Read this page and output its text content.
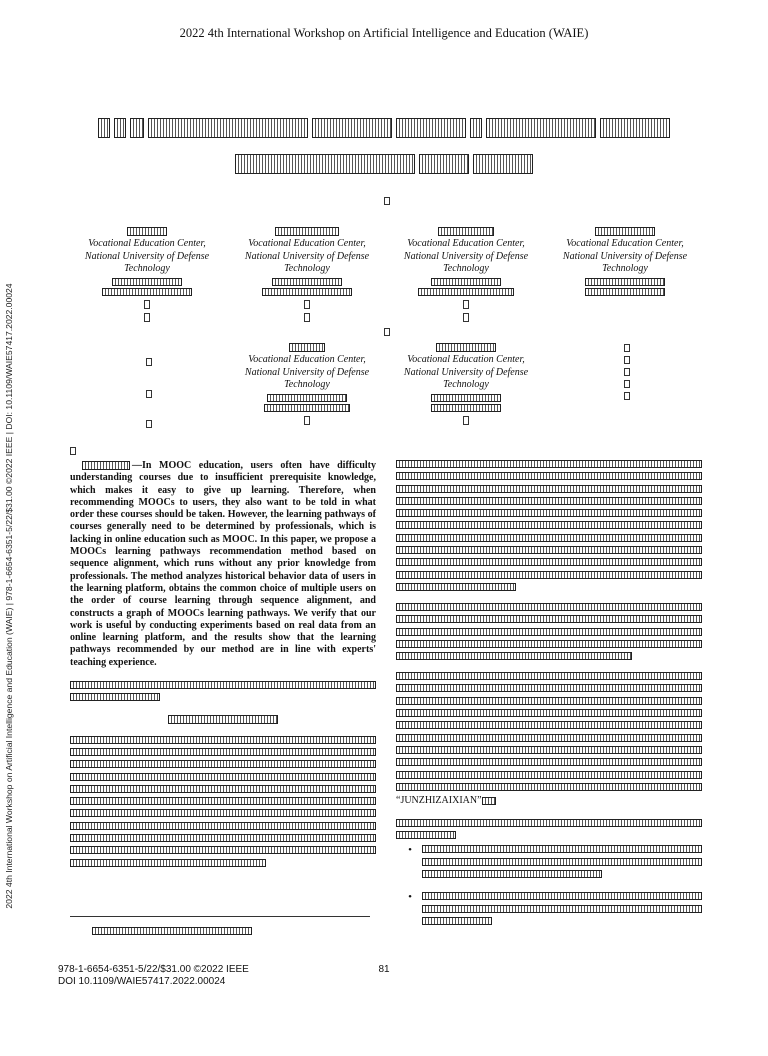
2022 4th International Workshop on Artificial Intelligence and Education (WAIE)
2022 4th International Workshop on Artificial Intelligence and Education (WAIE) | 978-1-6654-6351-5/22/$31.00 ©2022 IEEE | DOI: 10.1109/WAIE57417.2022.00024
Vocational Education Center,
National University of Defense
Technology

Vocational Education Center,
National University of Defense
Technology

Vocational Education Center,
National University of Defense
Technology

Vocational Education Center,
National University of Defense
Technology
Vocational Education Center,
National University of Defense
Technology
Vocational Education Center,
National University of Defense
Technology

—In MOOC education, users often have difficulty understanding courses due to insufficient prerequisite knowledge, which makes it easy to give up learning. Therefore, when recommending MOOCs to users, they also want to be told in what order these courses should be taken. However, the learning pathways of courses generally need to be determined by professionals, which is lacking in online education such as MOOC. In this paper, we propose a MOOCs learning pathways recommendation method based on sequence alignment, which runs without any prior knowledge from professionals. The method analyzes historical behavior data of users in the learning platform, obtains the common choice of multiple users on the order of course learning through sequence alignment, and constructs a graph of MOOCs learning pathways. We verify that our work is useful by conducting experiments based on real data from an online learning platform, and the results show that the learning pathways recommended by our method are in line with experts' teaching experience.

“JUNZHIZAIXIAN”
•
•
978-1-6654-6351-5/22/$31.00 ©2022 IEEE
DOI 10.1109/WAIE57417.2022.00024
81
